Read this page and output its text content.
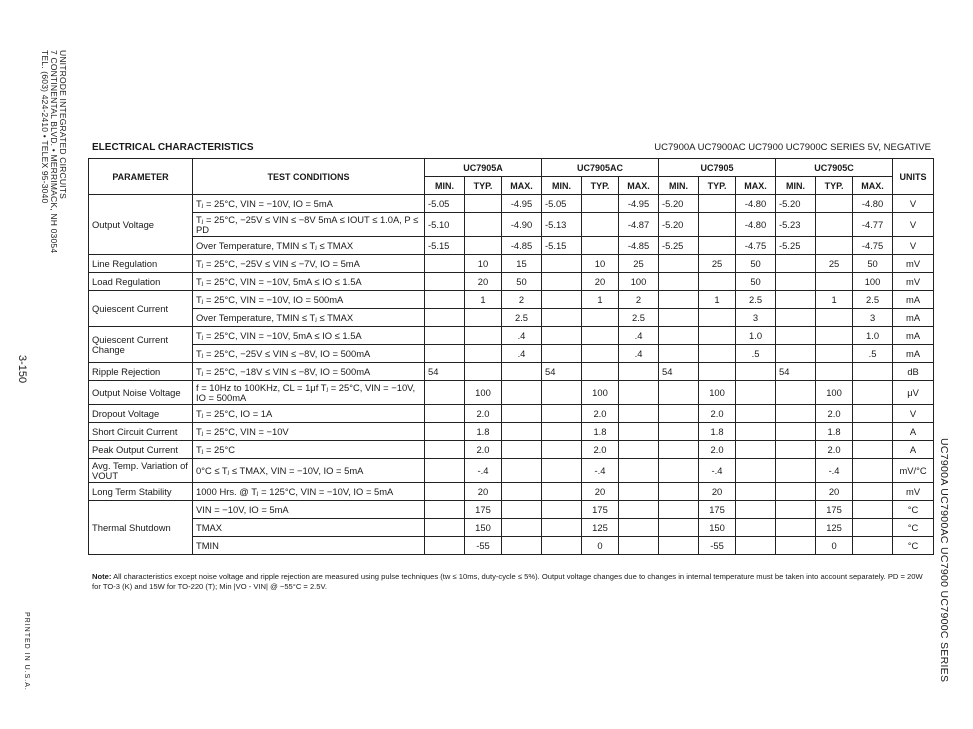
UNITRODE INTEGRATED CIRCUITS
7 CONTINENTAL BLVD. • MERRIMACK, NH 03054
TEL. (603) 424-2410 • TELEX 95-3040
3-150
PRINTED IN U.S.A.	UC7900A UC7900AC UC7900 UC7900C SERIES
ELECTRICAL CHARACTERISTICS	UC7900A UC7900AC UC7900 UC7900C SERIES 5V, NEGATIVE
PARAMETER	TEST CONDITIONS	UC7905A			UC7905AC			UC7905			UC7905C			UNITS
		MIN.	TYP.	MAX.	MIN.	TYP.	MAX.	MIN.	TYP.	MAX.	MIN.	TYP.	MAX.	
Output Voltage	Tⱼ = 25°C, VIN = −10V, IO = 5mA	-5.05		-4.95	-5.05		-4.95	-5.20		-4.80	-5.20		-4.80	V
	Tⱼ = 25°C, −25V ≤ VIN ≤ −8V 5mA ≤ IOUT ≤ 1.0A, P ≤ PD	-5.10		-4.90	-5.13		-4.87	-5.20		-4.80	-5.23		-4.77	V
	Over Temperature, TMIN ≤ Tⱼ ≤ TMAX	-5.15		-4.85	-5.15		-4.85	-5.25		-4.75	-5.25		-4.75	V
Line Regulation	Tⱼ = 25°C, −25V ≤ VIN ≤ −7V, IO = 5mA		10	15		10	25		25	50		25	50	mV
Load Regulation	Tⱼ = 25°C, VIN = −10V, 5mA ≤ IO ≤ 1.5A		20	50		20	100			50			100	mV
Quiescent Current	Tⱼ = 25°C, VIN = −10V, IO = 500mA		1	2		1	2		1	2.5		1	2.5	mA
	Over Temperature, TMIN ≤ Tⱼ ≤ TMAX			2.5			2.5			3			3	mA
Quiescent Current Change	Tⱼ = 25°C, VIN = −10V, 5mA ≤ IO ≤ 1.5A			.4			.4			1.0			1.0	mA
	Tⱼ = 25°C, −25V ≤ VIN ≤ −8V, IO = 500mA			.4			.4			.5			.5	mA
Ripple Rejection	Tⱼ = 25°C, −18V ≤ VIN ≤ −8V, IO = 500mA	54			54			54			54			dB
Output Noise Voltage	f = 10Hz to 100KHz, CL = 1μf Tⱼ = 25°C, VIN = −10V, IO = 500mA		100			100			100			100		μV
Dropout Voltage	Tⱼ = 25°C, IO = 1A		2.0			2.0			2.0			2.0		V
Short Circuit Current	Tⱼ = 25°C, VIN = −10V		1.8			1.8			1.8			1.8		A
Peak Output Current	Tⱼ = 25°C		2.0			2.0			2.0			2.0		A
Avg. Temp. Variation of VOUT	0°C ≤ Tⱼ ≤ TMAX, VIN = −10V, IO = 5mA		-.4			-.4			-.4			-.4		mV/°C
Long Term Stability	1000 Hrs. @ Tⱼ = 125°C, VIN = −10V, IO = 5mA		20			20			20			20		mV
Thermal Shutdown	VIN = −10V, IO = 5mA		175			175			175			175		°C
	TMAX		150			125			150			125		°C
	TMIN		-55			0			-55			0		°C
Note: All characteristics except noise voltage and ripple rejection are measured using pulse techniques (tw ≤ 10ms, duty-cycle ≤ 5%). Output voltage changes due to changes in internal temperature must be taken into account separately. PD = 20W for TO-3 (K) and 15W for TO-220 (T); Min |VO - VIN| @ −55°C = 2.5V.
